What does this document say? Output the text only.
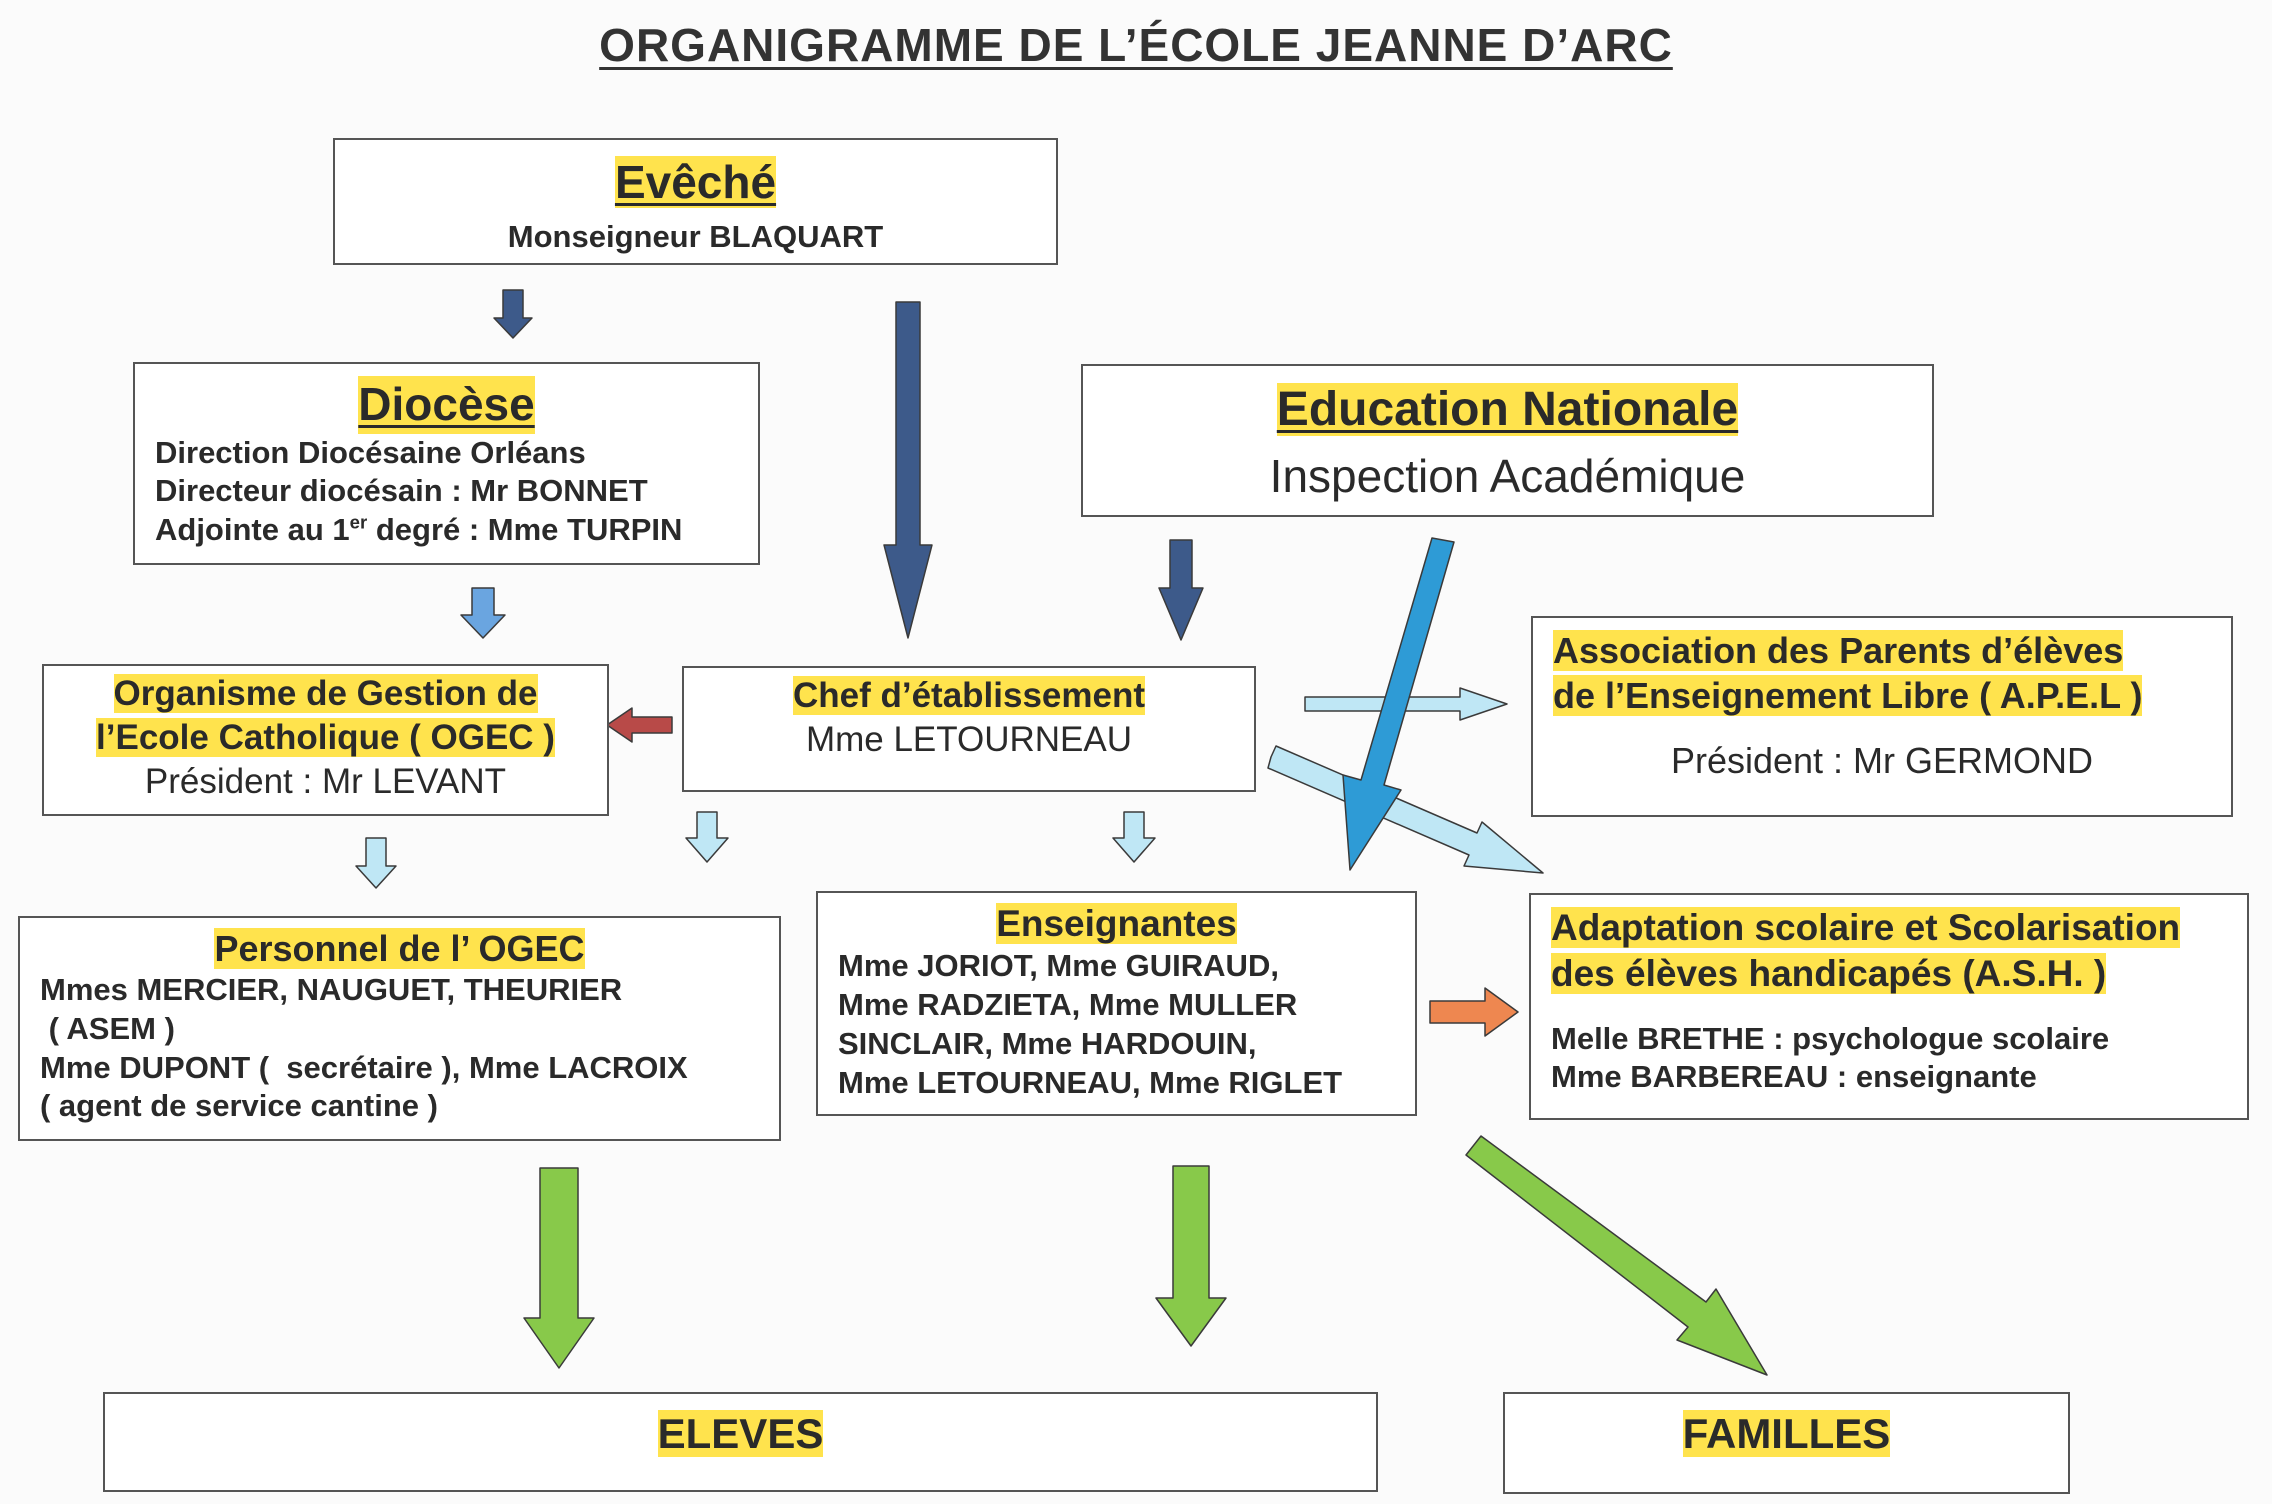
ORGANIGRAMME DE L’ÉCOLE JEANNE D’ARC
Evêché
Monseigneur BLAQUART
Diocèse
Direction Diocésaine Orléans
Directeur diocésain : Mr BONNET
Adjointe au 1er degré : Mme TURPIN
Education Nationale
Inspection Académique
Organisme de Gestion de
l’Ecole Catholique ( OGEC )
Président : Mr LEVANT
Chef d’établissement
Mme LETOURNEAU
Association des Parents d’élèves
de l’Enseignement Libre ( A.P.E.L )
Président : Mr GERMOND
Personnel de l’ OGEC
Mmes MERCIER, NAUGUET, THEURIER
( ASEM )
Mme DUPONT (  secrétaire ), Mme LACROIX
( agent de service cantine )
Enseignantes
Mme JORIOT, Mme GUIRAUD,
Mme RADZIETA, Mme MULLER
SINCLAIR, Mme HARDOUIN,
Mme LETOURNEAU, Mme RIGLET
Adaptation scolaire et Scolarisation
des élèves handicapés (A.S.H. )
Melle BRETHE : psychologue scolaire
Mme BARBEREAU : enseignante
ELEVES	FAMILLES
